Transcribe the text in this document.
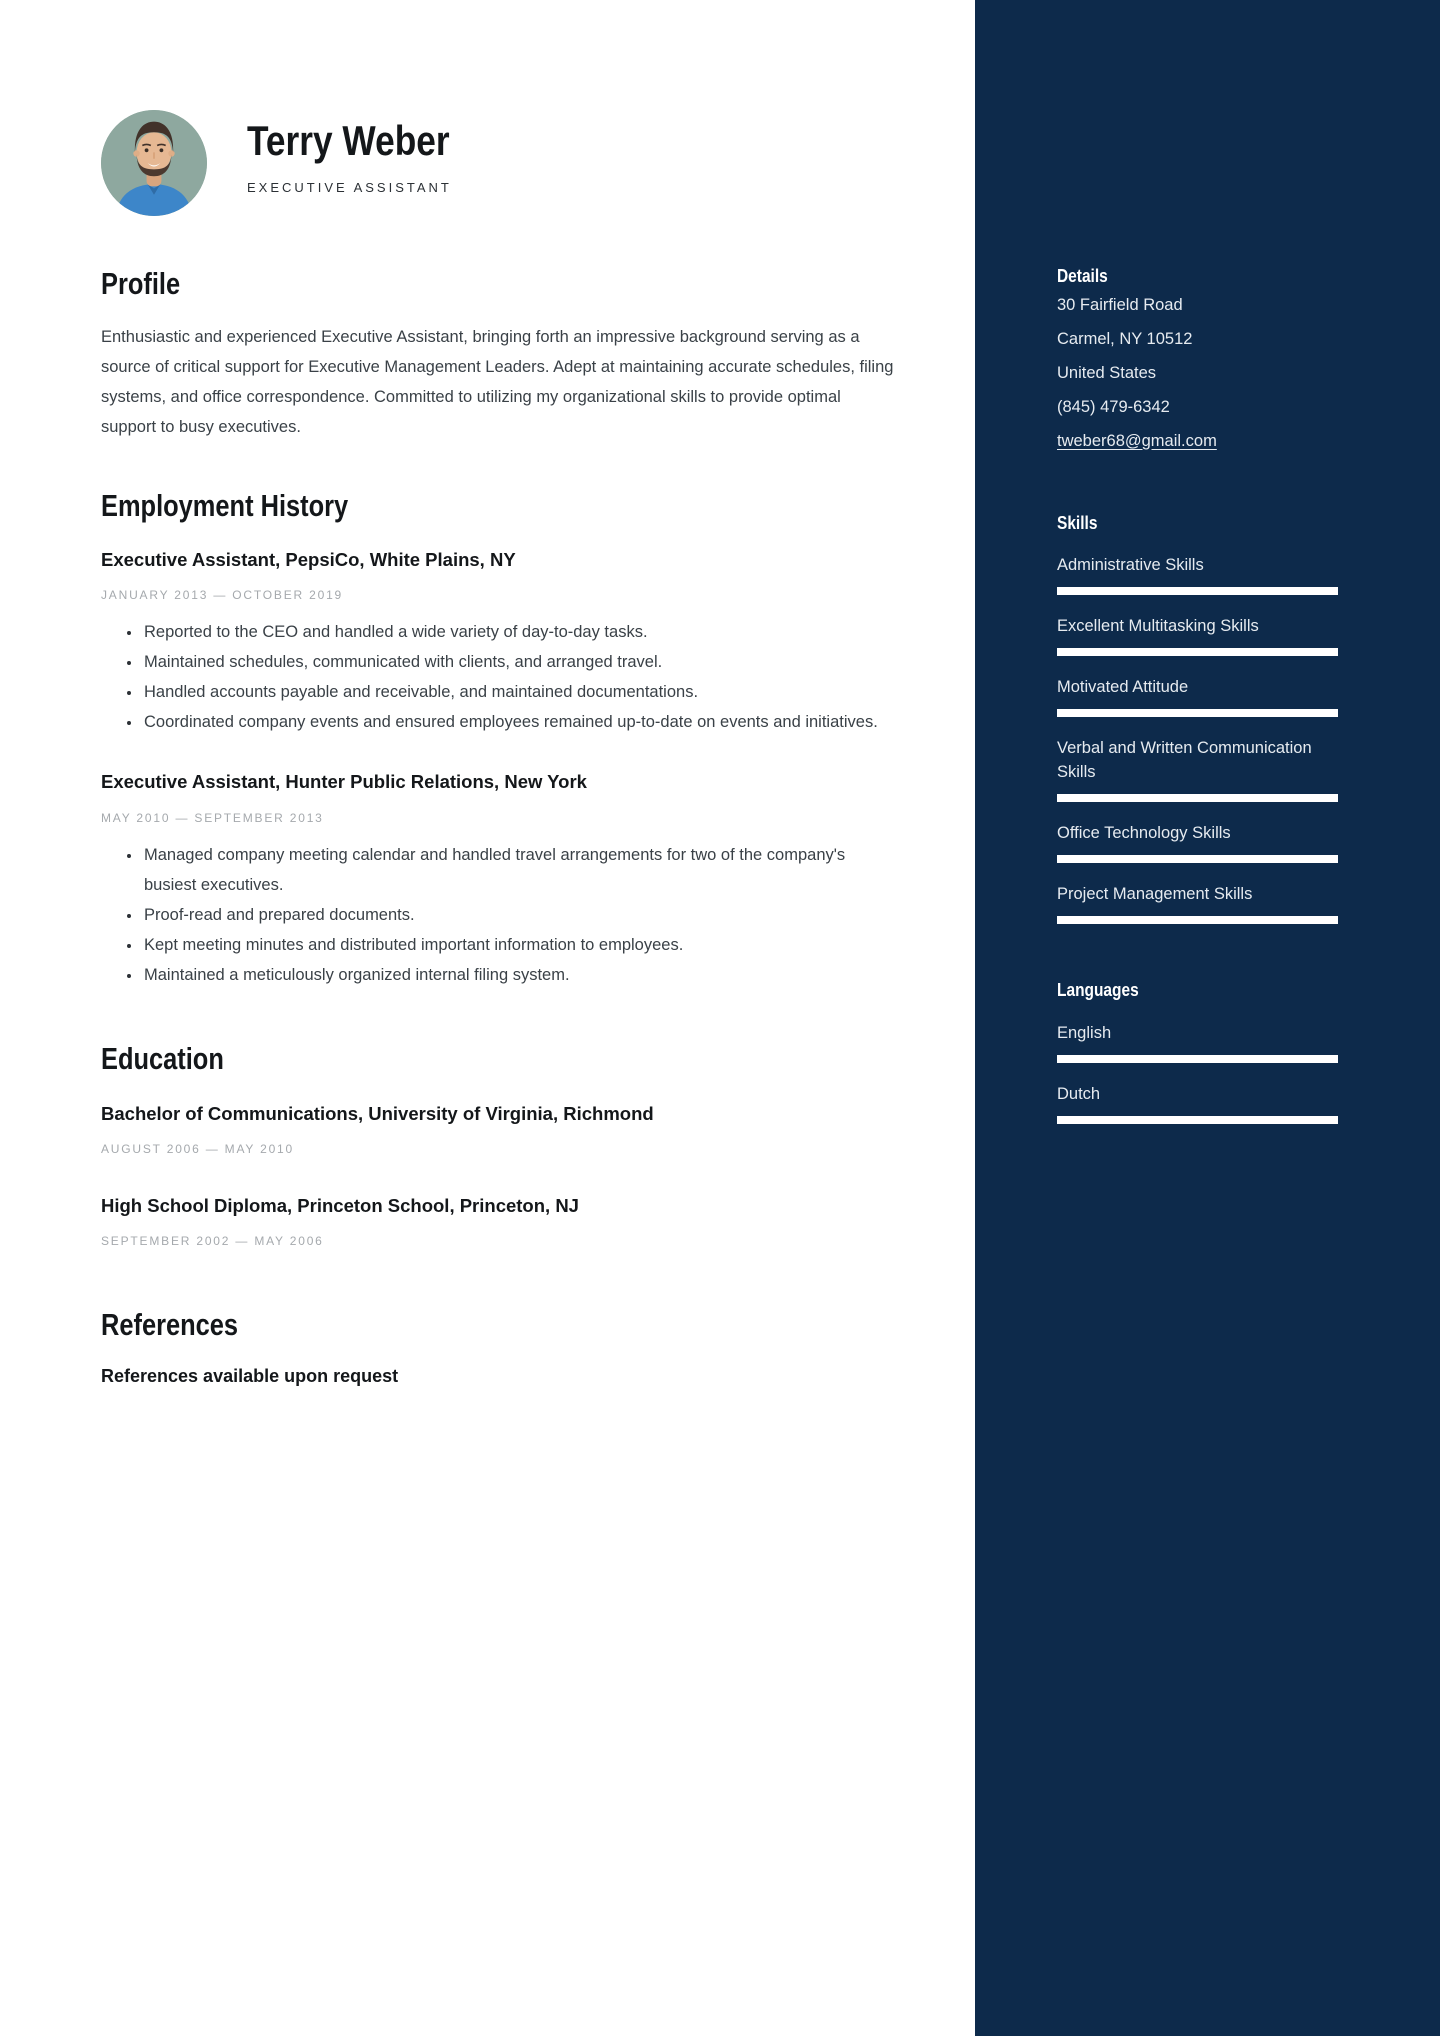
Terry Weber
EXECUTIVE ASSISTANT
Profile

Enthusiastic and experienced Executive Assistant, bringing forth an impressive background serving as a source of critical support for Executive Management Leaders. Adept at maintaining accurate schedules, filing systems, and office correspondence. Committed to utilizing my organizational skills to provide optimal support to busy executives.

Employment History
Executive Assistant, PepsiCo, White Plains, NY
JANUARY 2013 — OCTOBER 2019
• Reported to the CEO and handled a wide variety of day-to-day tasks.
• Maintained schedules, communicated with clients, and arranged travel.
• Handled accounts payable and receivable, and maintained documentations.
• Coordinated company events and ensured employees remained up-to-date on events and initiatives.
Executive Assistant, Hunter Public Relations, New York
MAY 2010 — SEPTEMBER 2013
• Managed company meeting calendar and handled travel arrangements for two of the company's busiest executives.
• Proof-read and prepared documents.
• Kept meeting minutes and distributed important information to employees.
• Maintained a meticulously organized internal filing system.
Education
Bachelor of Communications, University of Virginia, Richmond
AUGUST 2006 — MAY 2010
High School Diploma, Princeton School, Princeton, NJ
SEPTEMBER 2002 — MAY 2006
References
References available upon request
Details
30 Fairfield Road
Carmel, NY 10512
United States
(845) 479-6342
tweber68@gmail.com
Skills
Administrative Skills
Excellent Multitasking Skills
Motivated Attitude
Verbal and Written Communication Skills
Office Technology Skills
Project Management Skills
Languages
English
Dutch
